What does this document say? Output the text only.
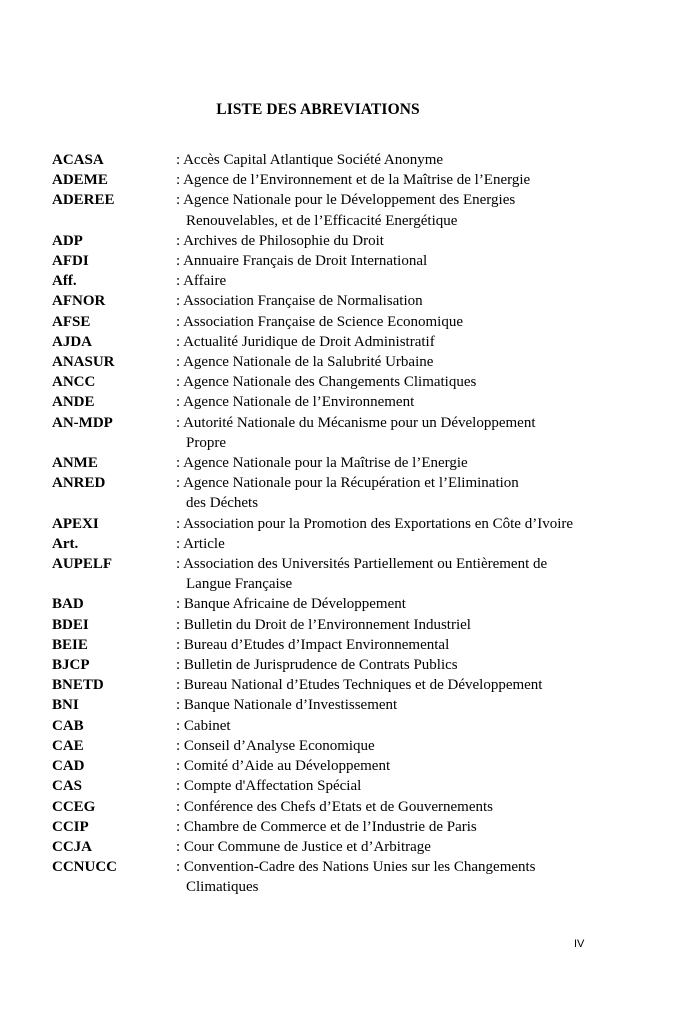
LISTE DES ABREVIATIONS
ACASA	: Accès Capital Atlantique Société Anonyme
ADEME	: Agence de l’Environnement et de la Maîtrise de l’Energie
ADEREE	: Agence Nationale pour le Développement des Energies
Renouvelables, et de l’Efficacité Energétique
ADP	: Archives de Philosophie du Droit
AFDI	: Annuaire Français de Droit International
Aff.	: Affaire
AFNOR	: Association Française de Normalisation
AFSE	: Association Française de Science Economique
AJDA	: Actualité Juridique de Droit Administratif
ANASUR	: Agence Nationale de la Salubrité Urbaine
ANCC	: Agence Nationale des Changements Climatiques
ANDE	: Agence Nationale de l’Environnement
AN-MDP	: Autorité Nationale du Mécanisme pour un Développement
Propre
ANME	: Agence Nationale pour la Maîtrise de l’Energie
ANRED	: Agence Nationale pour la Récupération et l’Elimination
des Déchets
APEXI	: Association pour la Promotion des Exportations en Côte d’Ivoire
Art.	: Article
AUPELF	: Association des Universités Partiellement ou Entièrement de
Langue Française
BAD	: Banque Africaine de Développement
BDEI	: Bulletin du Droit de l’Environnement Industriel
BEIE	: Bureau d’Etudes d’Impact Environnemental
BJCP	: Bulletin de Jurisprudence de Contrats Publics
BNETD	: Bureau National d’Etudes Techniques et de Développement
BNI	: Banque Nationale d’Investissement
CAB	: Cabinet
CAE	: Conseil d’Analyse Economique
CAD	: Comité d’Aide au Développement
CAS	: Compte d'Affectation Spécial
CCEG	: Conférence des Chefs d’Etats et de Gouvernements
CCIP	: Chambre de Commerce et de l’Industrie de Paris
CCJA	: Cour Commune de Justice et d’Arbitrage
CCNUCC	: Convention-Cadre des Nations Unies sur les Changements
Climatiques
IV
